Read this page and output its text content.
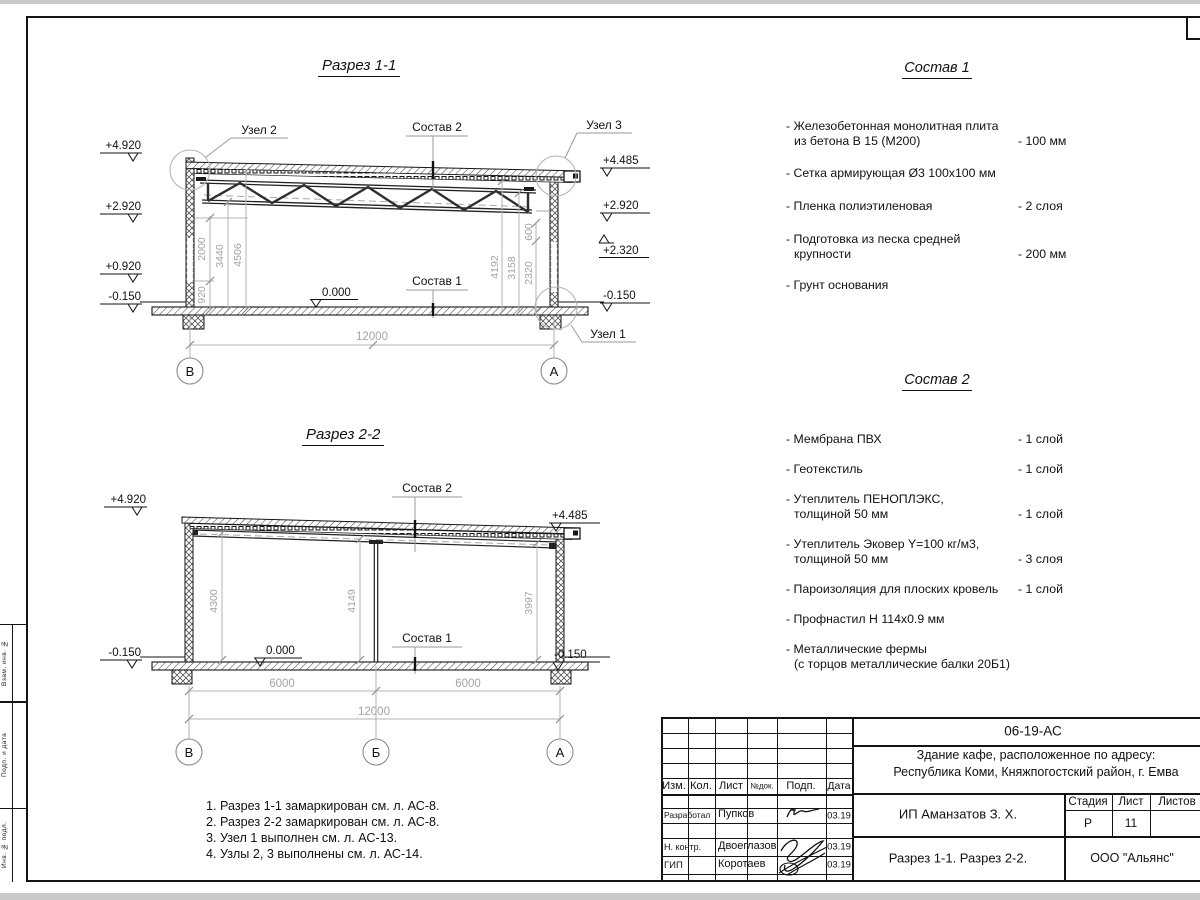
Взам. инв. №
Подп. и дата
Инв. № подл.
Разрез 1-1
Разрез 2-2
Состав 1
Состав 2
- Железобетонная монолитная плита
из бетона В 15 (М200)	- 100 мм
- Сетка армирующая Ø3 100х100 мм
- Пленка полиэтиленовая	- 2 слоя
- Подготовка из песка средней
крупности	- 200 мм
- Грунт основания
- Мембрана ПВХ	- 1 слой
- Геотекстиль	- 1 слой
- Утеплитель ПЕНОПЛЭКС,
толщиной 50 мм	- 1 слой
- Утеплитель Эковер Y=100 кг/м3,
толщиной 50 мм	- 3 слоя
- Пароизоляция для плоских кровель	- 1 слой
- Профнастил Н 114х0.9 мм
- Металлические фермы
(с торцов металлические балки 20Б1)
1. Разрез 1-1 замаркирован см. л. АС-8.
2. Разрез 2-2 замаркирован см. л. АС-8.
3. Узел 1 выполнен см. л. АС-13.
4. Узлы 2, 3 выполнены см. л. АС-14.
920
2000 3440 4506
4192 3158 2320
600
12000
В	А
+4.920
+2.920
+0.920
-0.150
+4.485
+2.920
+2.320
-0.150
Узел 2	Состав 2	Узел 3
Состав 1
Узел 1
0.000
4300	4149	3997
Состав 2
Состав 1
0.000
+4.920
-0.150
+4.485
-0.150
6000	6000
12000
В	Б	А
Изм. Кол. Лист №док. Подп. Дата
Разработал Пупков	03.19
Н. контр. Двоеглазов	03.19
ГИП	Коротаев	03.19
06-19-АС
Здание кафе, расположенное по адресу:
Республика Коми, Княжпогостский район, г. Емва
ИП Аманзатов З. Х.
Разрез 1-1. Разрез 2-2.	ООО "Альянс"
Стадия Лист Листов
Р	11
